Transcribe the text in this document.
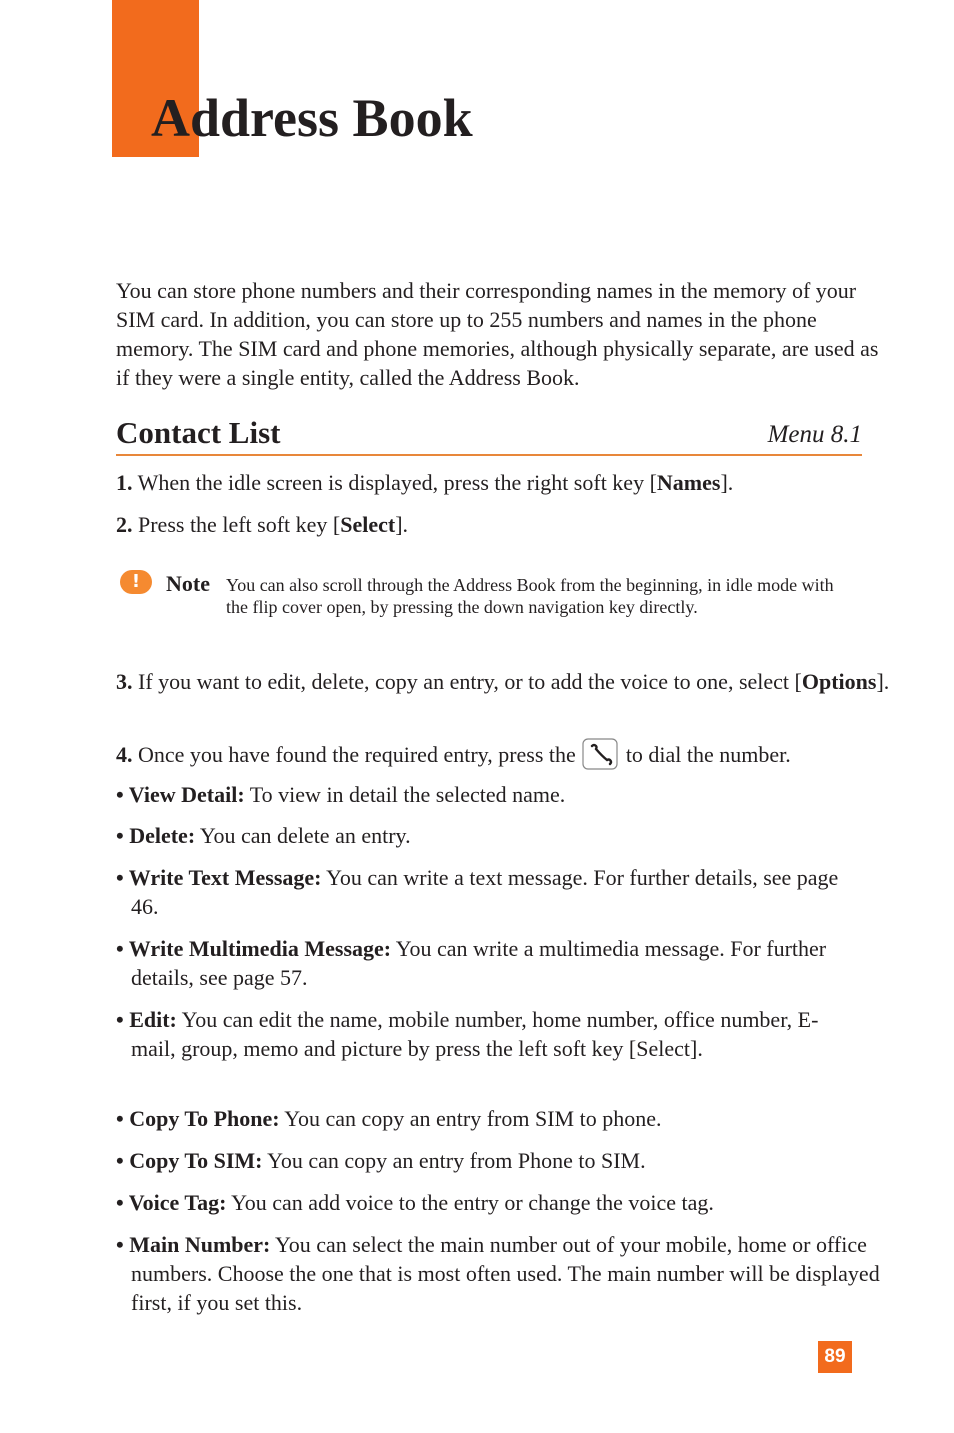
Address Book

You can store phone numbers and their corresponding names in the memory of your SIM card. In addition, you can store up to 255 numbers and names in the phone memory. The SIM card and phone memories, although physically separate, are used as if they were a single entity, called the Address Book.

Contact List	Menu 8.1

1. When the idle screen is displayed, press the right soft key [Names].

2. Press the left soft key [Select].

!	Note You can also scroll through the Address Book from the beginning, in idle mode with the flip cover open, by pressing the down navigation key directly.

3. If you want to edit, delete, copy an entry, or to add the voice to one, select [Options].

4. Once you have found the required entry, press the to dial the number.

• View Detail: To view in detail the selected name.

• Delete: You can delete an entry.

• Write Text Message: You can write a text message. For further details, see page 46.

• Write Multimedia Message: You can write a multimedia message. For further details, see page 57.

• Edit: You can edit the name, mobile number, home number, office number, E-mail, group, memo and picture by press the left soft key [Select].

• Copy To Phone: You can copy an entry from SIM to phone.

• Copy To SIM: You can copy an entry from Phone to SIM.

• Voice Tag: You can add voice to the entry or change the voice tag.

• Main Number: You can select the main number out of your mobile, home or office numbers. Choose the one that is most often used. The main number will be displayed first, if you set this.

89
